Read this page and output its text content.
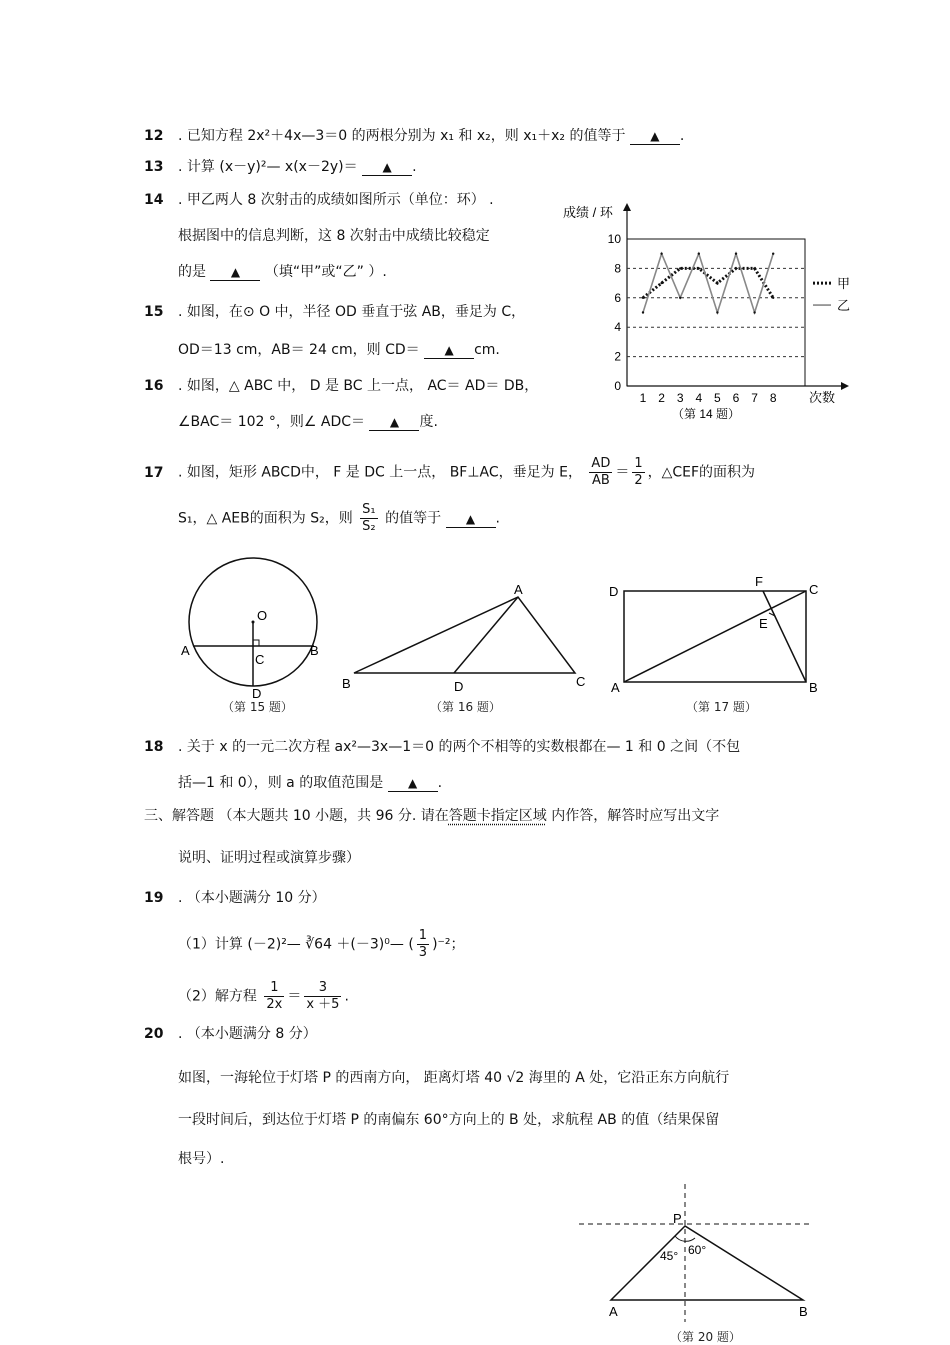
12 . 已知方程 2x²＋4x—3＝0 的两根分别为 x₁ 和 x₂，则 x₁＋x₂ 的值等于 ▲ .
13 . 计算 (x－y)²— x(x－2y)＝ ▲ .
14 . 甲乙两人 8 次射击的成绩如图所示（单位：环） .
根据图中的信息判断，这 8 次射击中成绩比较稳定
的是 ▲ （填“甲”或“乙” ）.
0
2
4
6
8
10
1 2 3 4 5 6 7 8
成绩 / 环
次数
甲
乙
（第 14 题）
15 . 如图，在⊙ O 中，半径 OD 垂直于弦 AB，垂足为 C，
OD＝13 cm，AB＝ 24 cm，则 CD＝ ▲ cm.
16 . 如图，△ ABC 中， D 是 BC 上一点， AC＝ AD＝ DB，
∠BAC＝ 102 °，则∠ ADC＝ ▲ 度.
17 . 如图，矩形 ABCD中， F 是 DC 上一点， BF⊥AC，垂足为 E， $\frac{AD}{AB} = \frac{1}{2}$ ，△CEF的面积为
S₁，△ AEB的面积为 S₂，则 $\frac{\text{S₁}}{\text{S₂}}$ 的值等于 ▲ .
O
A	B
C
D
（第 15 题）
A
B	C
D
（第 16 题）
D
F
C
E
A	B
（第 17 题）
18 . 关于 x 的一元二次方程 ax²—3x—1＝0 的两个不相等的实数根都在— 1 和 0 之间（不包
括—1 和 0），则 a 的取值范围是 ▲ .
三、解答题 （本大题共 10 小题，共 96 分. 请在答题卡指定区域 内作答，解答时应写出文字
说明、证明过程或演算步骤）
19 . （本小题满分 10 分）
（1）计算 (－2)²— ∛64 ＋(－3)⁰— ( $\frac{1}{3} )^{-2}$；
（2）解方程 $\frac{1}{2x} = \frac{3}{x +5}$ .
20 . （本小题满分 8 分）
如图，一海轮位于灯塔 P 的西南方向， 距离灯塔 40 √2 海里的 A 处，它沿正东方向航行
一段时间后，到达位于灯塔 P 的南偏东 60°方向上的 B 处，求航程 AB 的值（结果保留
根号）.
P
A	B
45° 60°
（第 20 题）
